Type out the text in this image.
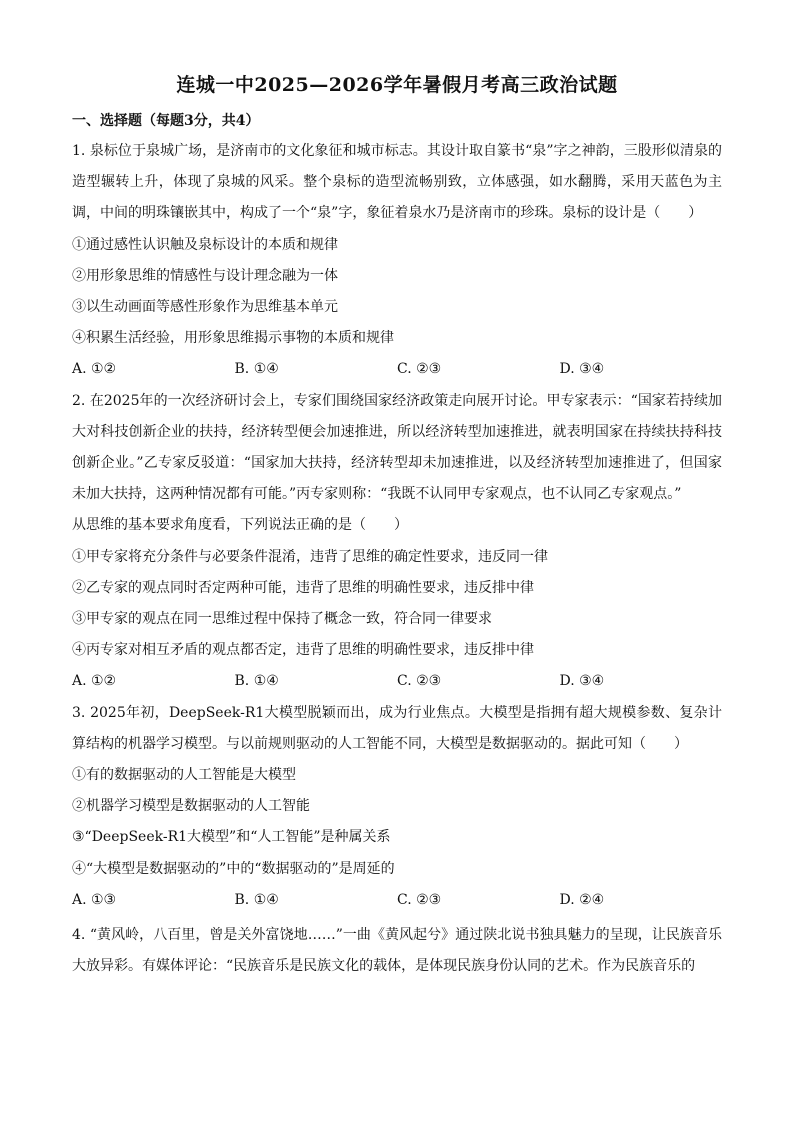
连城一中2025—2026学年暑假月考高三政治试题
一、选择题（每题3分，共4）

1. 泉标位于泉城广场，是济南市的文化象征和城市标志。其设计取自篆书“泉”字之神韵，三股形似清泉的造型辗转上升，体现了泉城的风采。整个泉标的造型流畅别致，立体感强，如水翻腾，采用天蓝色为主调，中间的明珠镶嵌其中，构成了一个“泉”字，象征着泉水乃是济南市的珍珠。泉标的设计是（　　）

①通过感性认识触及泉标设计的本质和规律

②用形象思维的情感性与设计理念融为一体

③以生动画面等感性形象作为思维基本单元

④积累生活经验，用形象思维揭示事物的本质和规律

A. ①②	B. ①④	C. ②③	D. ③④

2. 在2025年的一次经济研讨会上，专家们围绕国家经济政策走向展开讨论。甲专家表示：“国家若持续加大对科技创新企业的扶持，经济转型便会加速推进，所以经济转型加速推进，就表明国家在持续扶持科技创新企业。”乙专家反驳道：“国家加大扶持，经济转型却未加速推进，以及经济转型加速推进了，但国家未加大扶持，这两种情况都有可能。”丙专家则称：“我既不认同甲专家观点，也不认同乙专家观点。”

从思维的基本要求角度看，下列说法正确的是（　　）

①甲专家将充分条件与必要条件混淆，违背了思维的确定性要求，违反同一律

②乙专家的观点同时否定两种可能，违背了思维的明确性要求，违反排中律

③甲专家的观点在同一思维过程中保持了概念一致，符合同一律要求

④丙专家对相互矛盾的观点都否定，违背了思维的明确性要求，违反排中律

A. ①②	B. ①④	C. ②③	D. ③④

3. 2025年初，DeepSeek-R1大模型脱颖而出，成为行业焦点。大模型是指拥有超大规模参数、复杂计算结构的机器学习模型。与以前规则驱动的人工智能不同，大模型是数据驱动的。据此可知（　　）

①有的数据驱动的人工智能是大模型

②机器学习模型是数据驱动的人工智能

③“DeepSeek-R1大模型”和“人工智能”是种属关系

④“大模型是数据驱动的”中的“数据驱动的”是周延的

A. ①③	B. ①④	C. ②③	D. ②④

4. “黄风岭，八百里，曾是关外富饶地……”一曲《黄风起兮》通过陕北说书独具魅力的呈现，让民族音乐大放异彩。有媒体评论：“民族音乐是民族文化的载体，是体现民族身份认同的艺术。作为民族音乐的
